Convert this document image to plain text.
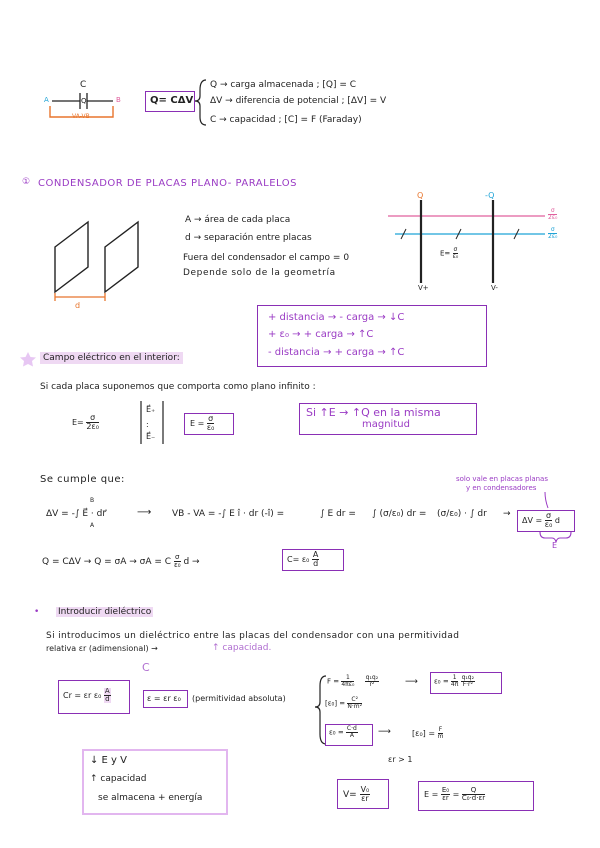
C
Q
A	B
VA-VB
Q= CΔV
Q → carga almacenada ; [Q] = C
ΔV → diferencia de potencial ; [ΔV] = V
C → capacidad ; [C] = F (Faraday)
① CONDENSADOR DE PLACAS PLANO- PARALELOS
d
A → área de cada placa
d → separación entre placas
Fuera del condensador el campo = 0
Depende solo de la geometría
Q	-Q
V+	V-
$E= \frac{\sigma}{\text{ε₀}}$
$\frac{\sigma}{\text{2ε₀}}$
$\frac{\sigma}{\text{2ε₀}}$
+ distancia → - carga → ↓C
+ ε₀ → + carga → ↑C
- distancia → + carga → ↑C
Campo eléctrico en el interior:
Si cada placa suponemos que comporta como plano infinito :
$E= \frac{\sigma}{\text{2ε₀}}$
E⃗₊
:
E⃗₋
$E = \frac{\sigma}{\text{ε₀}}$
Si ↑E → ↑Q en la misma
magnitud
Se cumple que:	solo vale en placas planas
y en condensadores
ΔV = -∫ E⃗ · dr⃗
B
A
⟶ VB - VA = -∫ E î · dr (-î) =	∫ E dr = ∫ (σ/ε₀) dr = (σ/ε₀) · ∫ dr →
$\Delta V = \frac{\sigma}{\text{ε₀}}$ d
E
Q = CΔV → Q = σA → σA = C $\frac{\sigma}{\text{ε₀}}$ d →	$C= \varepsilon_0 \frac{A}{d}$
• Introducir dieléctrico
Si introducimos un dieléctrico entre las placas del condensador con una permitividad
relativa εr (adimensional) →	↑ capacidad.
C
Cr = εr $\varepsilon_0 \frac{A}{d}$	ε = εr ε₀ (permitividad absoluta)
$F = \frac{1}{\text{4πε₀}}$
$\frac{\text{q₁q₂}}{\text{r²}}$	⟶ $\varepsilon_0 = \frac{1}{4\pi}$
$\frac{\text{q₁q₂}}{\text{F·r²}}$
$[\varepsilon_0] = \frac{\text{C²}}{\text{N·m²}}$
$\varepsilon_0 = \frac{C\cdot d}{A}$ ⟶	$[\varepsilon_0] = \frac{F}{m}$
↓ E y V
↑ capacidad
se almacena + energía
εr > 1
$V= \frac{\text{V₀}}{\varepsilon r}$	$E = \frac{\text{E₀}}{\varepsilon r} = \frac{Q}{\text{C₀·d·εr}}$
